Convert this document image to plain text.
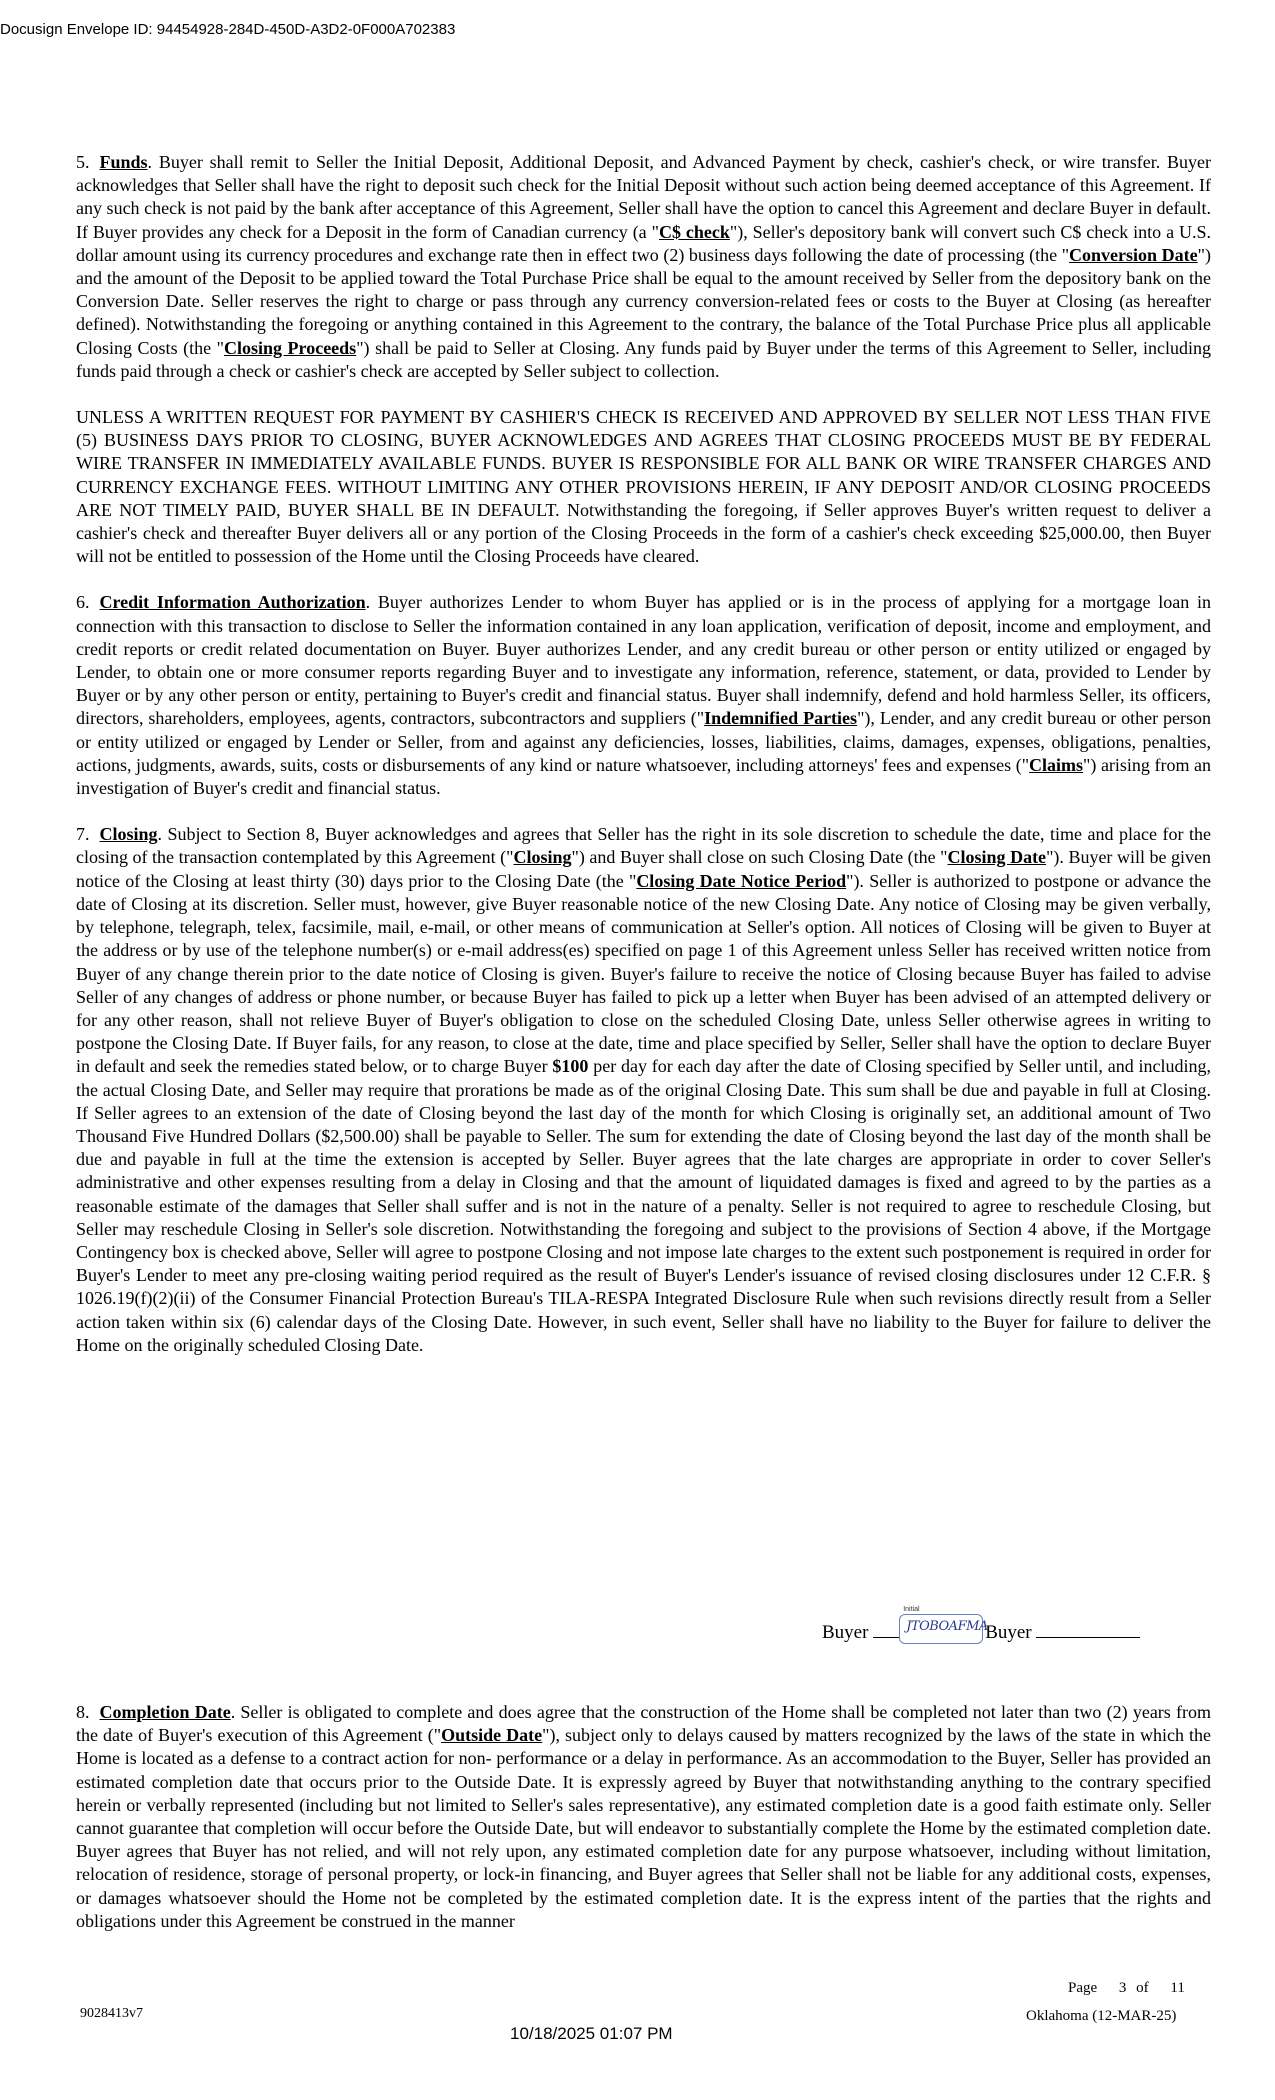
Docusign Envelope ID: 94454928-284D-450D-A3D2-0F000A702383

5. Funds. Buyer shall remit to Seller the Initial Deposit, Additional Deposit, and Advanced Payment by check, cashier's check, or wire transfer. Buyer acknowledges that Seller shall have the right to deposit such check for the Initial Deposit without such action being deemed acceptance of this Agreement. If any such check is not paid by the bank after acceptance of this Agreement, Seller shall have the option to cancel this Agreement and declare Buyer in default. If Buyer provides any check for a Deposit in the form of Canadian currency (a "C$ check"), Seller's depository bank will convert such C$ check into a U.S. dollar amount using its currency procedures and exchange rate then in effect two (2) business days following the date of processing (the "Conversion Date") and the amount of the Deposit to be applied toward the Total Purchase Price shall be equal to the amount received by Seller from the depository bank on the Conversion Date. Seller reserves the right to charge or pass through any currency conversion-related fees or costs to the Buyer at Closing (as hereafter defined). Notwithstanding the foregoing or anything contained in this Agreement to the contrary, the balance of the Total Purchase Price plus all applicable Closing Costs (the "Closing Proceeds") shall be paid to Seller at Closing. Any funds paid by Buyer under the terms of this Agreement to Seller, including funds paid through a check or cashier's check are accepted by Seller subject to collection.

UNLESS A WRITTEN REQUEST FOR PAYMENT BY CASHIER'S CHECK IS RECEIVED AND APPROVED BY SELLER NOT LESS THAN FIVE (5) BUSINESS DAYS PRIOR TO CLOSING, BUYER ACKNOWLEDGES AND AGREES THAT CLOSING PROCEEDS MUST BE BY FEDERAL WIRE TRANSFER IN IMMEDIATELY AVAILABLE FUNDS. BUYER IS RESPONSIBLE FOR ALL BANK OR WIRE TRANSFER CHARGES AND CURRENCY EXCHANGE FEES. WITHOUT LIMITING ANY OTHER PROVISIONS HEREIN, IF ANY DEPOSIT AND/OR CLOSING PROCEEDS ARE NOT TIMELY PAID, BUYER SHALL BE IN DEFAULT. Notwithstanding the foregoing, if Seller approves Buyer's written request to deliver a cashier's check and thereafter Buyer delivers all or any portion of the Closing Proceeds in the form of a cashier's check exceeding $25,000.00, then Buyer will not be entitled to possession of the Home until the Closing Proceeds have cleared.

6. Credit Information Authorization. Buyer authorizes Lender to whom Buyer has applied or is in the process of applying for a mortgage loan in connection with this transaction to disclose to Seller the information contained in any loan application, verification of deposit, income and employment, and credit reports or credit related documentation on Buyer. Buyer authorizes Lender, and any credit bureau or other person or entity utilized or engaged by Lender, to obtain one or more consumer reports regarding Buyer and to investigate any information, reference, statement, or data, provided to Lender by Buyer or by any other person or entity, pertaining to Buyer's credit and financial status. Buyer shall indemnify, defend and hold harmless Seller, its officers, directors, shareholders, employees, agents, contractors, subcontractors and suppliers ("Indemnified Parties"), Lender, and any credit bureau or other person or entity utilized or engaged by Lender or Seller, from and against any deficiencies, losses, liabilities, claims, damages, expenses, obligations, penalties, actions, judgments, awards, suits, costs or disbursements of any kind or nature whatsoever, including attorneys' fees and expenses ("Claims") arising from an investigation of Buyer's credit and financial status.

7. Closing. Subject to Section 8, Buyer acknowledges and agrees that Seller has the right in its sole discretion to schedule the date, time and place for the closing of the transaction contemplated by this Agreement ("Closing") and Buyer shall close on such Closing Date (the "Closing Date"). Buyer will be given notice of the Closing at least thirty (30) days prior to the Closing Date (the "Closing Date Notice Period"). Seller is authorized to postpone or advance the date of Closing at its discretion. Seller must, however, give Buyer reasonable notice of the new Closing Date. Any notice of Closing may be given verbally, by telephone, telegraph, telex, facsimile, mail, e-mail, or other means of communication at Seller's option. All notices of Closing will be given to Buyer at the address or by use of the telephone number(s) or e-mail address(es) specified on page 1 of this Agreement unless Seller has received written notice from Buyer of any change therein prior to the date notice of Closing is given. Buyer's failure to receive the notice of Closing because Buyer has failed to advise Seller of any changes of address or phone number, or because Buyer has failed to pick up a letter when Buyer has been advised of an attempted delivery or for any other reason, shall not relieve Buyer of Buyer's obligation to close on the scheduled Closing Date, unless Seller otherwise agrees in writing to postpone the Closing Date. If Buyer fails, for any reason, to close at the date, time and place specified by Seller, Seller shall have the option to declare Buyer in default and seek the remedies stated below, or to charge Buyer $100 per day for each day after the date of Closing specified by Seller until, and including, the actual Closing Date, and Seller may require that prorations be made as of the original Closing Date. This sum shall be due and payable in full at Closing. If Seller agrees to an extension of the date of Closing beyond the last day of the month for which Closing is originally set, an additional amount of Two Thousand Five Hundred Dollars ($2,500.00) shall be payable to Seller. The sum for extending the date of Closing beyond the last day of the month shall be due and payable in full at the time the extension is accepted by Seller. Buyer agrees that the late charges are appropriate in order to cover Seller's administrative and other expenses resulting from a delay in Closing and that the amount of liquidated damages is fixed and agreed to by the parties as a reasonable estimate of the damages that Seller shall suffer and is not in the nature of a penalty. Seller is not required to agree to reschedule Closing, but Seller may reschedule Closing in Seller's sole discretion. Notwithstanding the foregoing and subject to the provisions of Section 4 above, if the Mortgage Contingency box is checked above, Seller will agree to postpone Closing and not impose late charges to the extent such postponement is required in order for Buyer's Lender to meet any pre-closing waiting period required as the result of Buyer's Lender's issuance of revised closing disclosures under 12 C.F.R. § 1026.19(f)(2)(ii) of the Consumer Financial Protection Bureau's TILA-RESPA Integrated Disclosure Rule when such revisions directly result from a Seller action taken within six (6) calendar days of the Closing Date. However, in such event, Seller shall have no liability to the Buyer for failure to deliver the Home on the originally scheduled Closing Date.

Buyer
Initial
JTOBOAFMA
Buyer

8. Completion Date. Seller is obligated to complete and does agree that the construction of the Home shall be completed not later than two (2) years from the date of Buyer's execution of this Agreement ("Outside Date"), subject only to delays caused by matters recognized by the laws of the state in which the Home is located as a defense to a contract action for non- performance or a delay in performance. As an accommodation to the Buyer, Seller has provided an estimated completion date that occurs prior to the Outside Date. It is expressly agreed by Buyer that notwithstanding anything to the contrary specified herein or verbally represented (including but not limited to Seller's sales representative), any estimated completion date is a good faith estimate only. Seller cannot guarantee that completion will occur before the Outside Date, but will endeavor to substantially complete the Home by the estimated completion date. Buyer agrees that Buyer has not relied, and will not rely upon, any estimated completion date for any purpose whatsoever, including without limitation, relocation of residence, storage of personal property, or lock-in financing, and Buyer agrees that Seller shall not be liable for any additional costs, expenses, or damages whatsoever should the Home not be completed by the estimated completion date. It is the express intent of the parties that the rights and obligations under this Agreement be construed in the manner

9028413v7
Page 3 of 11
Oklahoma (12-MAR-25)
10/18/2025 01:07 PM
